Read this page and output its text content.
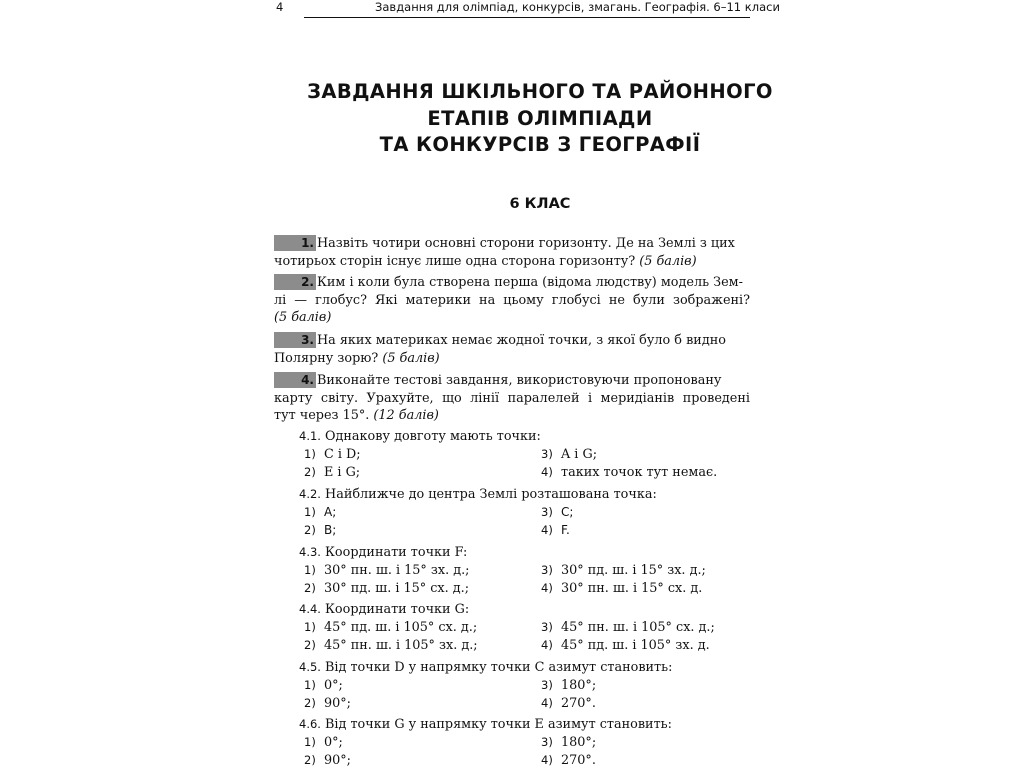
4	Завдання для олімпіад, конкурсів, змагань. Географія. 6–11 класи
ЗАВДАННЯ ШКІЛЬНОГО ТА РАЙОННОГО
ЕТАПІВ ОЛІМПІАДИ
ТА КОНКУРСІВ З ГЕОГРАФІЇ
6 КЛАС
1. Назвіть чотири основні сторони горизонту. Де на Землі з цих
чотирьох сторін існує лише одна сторона горизонту? (5 балів)
2. Ким і коли була створена перша (відома людству) модель Зем-
лі — глобус? Які материки на цьому глобусі не були зображені?
(5 балів)
3. На яких материках немає жодної точки, з якої було б видно
Полярну зорю? (5 балів)
4. Виконайте тестові завдання, використовуючи пропоновану
карту світу. Урахуйте, що лінії паралелей і меридіанів проведені
тут через 15°. (12 балів)
4.1. Однакову довготу мають точки:
1) C і D;	3) A і G;
2) E і G;	4) таких точок тут немає.
4.2. Найближче до центра Землі розташована точка:
1) A;	3) C;
2) B;	4) F.
4.3. Координати точки F:
1) 30° пн. ш. і 15° зх. д.;	3) 30° пд. ш. і 15° зх. д.;
2) 30° пд. ш. і 15° сх. д.;	4) 30° пн. ш. і 15° сх. д.
4.4. Координати точки G:
1) 45° пд. ш. і 105° сх. д.;	3) 45° пн. ш. і 105° сх. д.;
2) 45° пн. ш. і 105° зх. д.;	4) 45° пд. ш. і 105° зх. д.
4.5. Від точки D у напрямку точки C азимут становить:
1) 0°;	3) 180°;
2) 90°;	4) 270°.
4.6. Від точки G у напрямку точки E азимут становить:
1) 0°;	3) 180°;
2) 90°;	4) 270°.
